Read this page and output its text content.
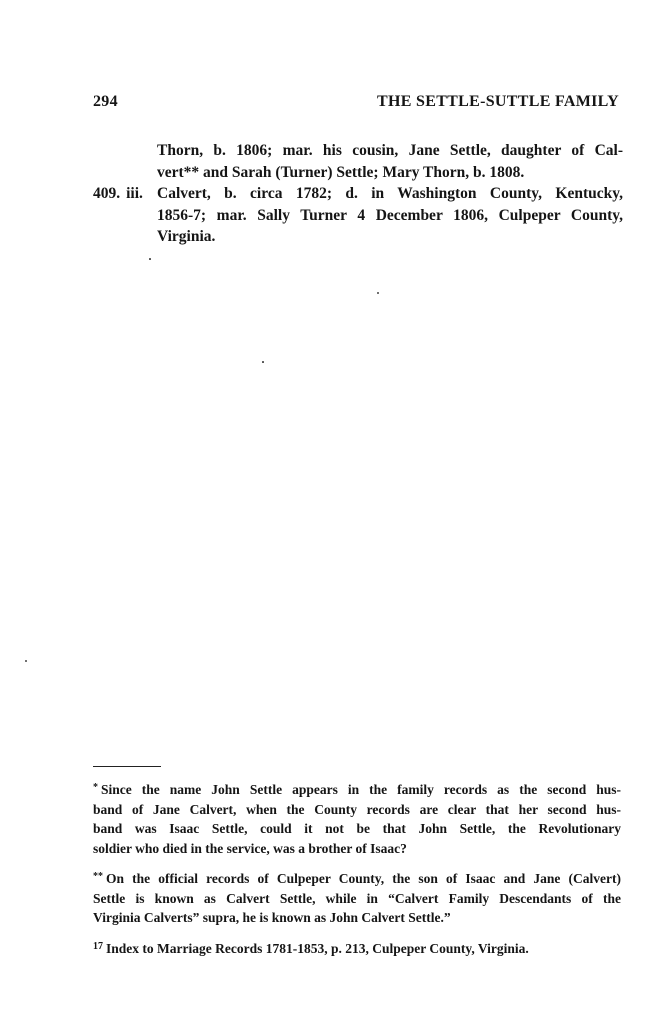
294	THE SETTLE-SUTTLE FAMILY
Thorn, b. 1806; mar. his cousin, Jane Settle, daughter of Cal-
vert** and Sarah (Turner) Settle; Mary Thorn, b. 1808.
409. iii. Calvert, b. circa 1782; d. in Washington County, Kentucky,
1856-7; mar. Sally Turner 4 December 1806, Culpeper County,
Virginia.
* Since the name John Settle appears in the family records as the second hus-
band of Jane Calvert, when the County records are clear that her second hus-
band was Isaac Settle, could it not be that John Settle, the Revolutionary
soldier who died in the service, was a brother of Isaac?
** On the official records of Culpeper County, the son of Isaac and Jane (Calvert)
Settle is known as Calvert Settle, while in “Calvert Family Descendants of the
Virginia Calverts” supra, he is known as John Calvert Settle.”
$^{17}$ Index to Marriage Records 1781-1853, p. 213, Culpeper County, Virginia.
